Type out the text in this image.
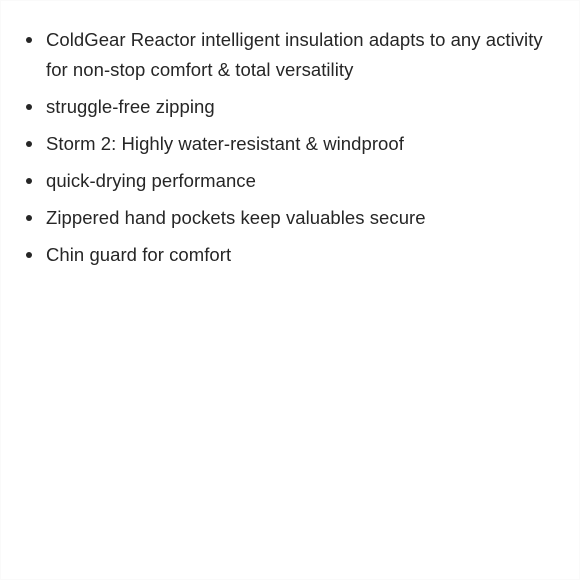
ColdGear Reactor intelligent insulation adapts to any activity for non-stop comfort & total versatility
struggle-free zipping
Storm 2: Highly water-resistant & windproof
quick-drying performance
Zippered hand pockets keep valuables secure
Chin guard for comfort
